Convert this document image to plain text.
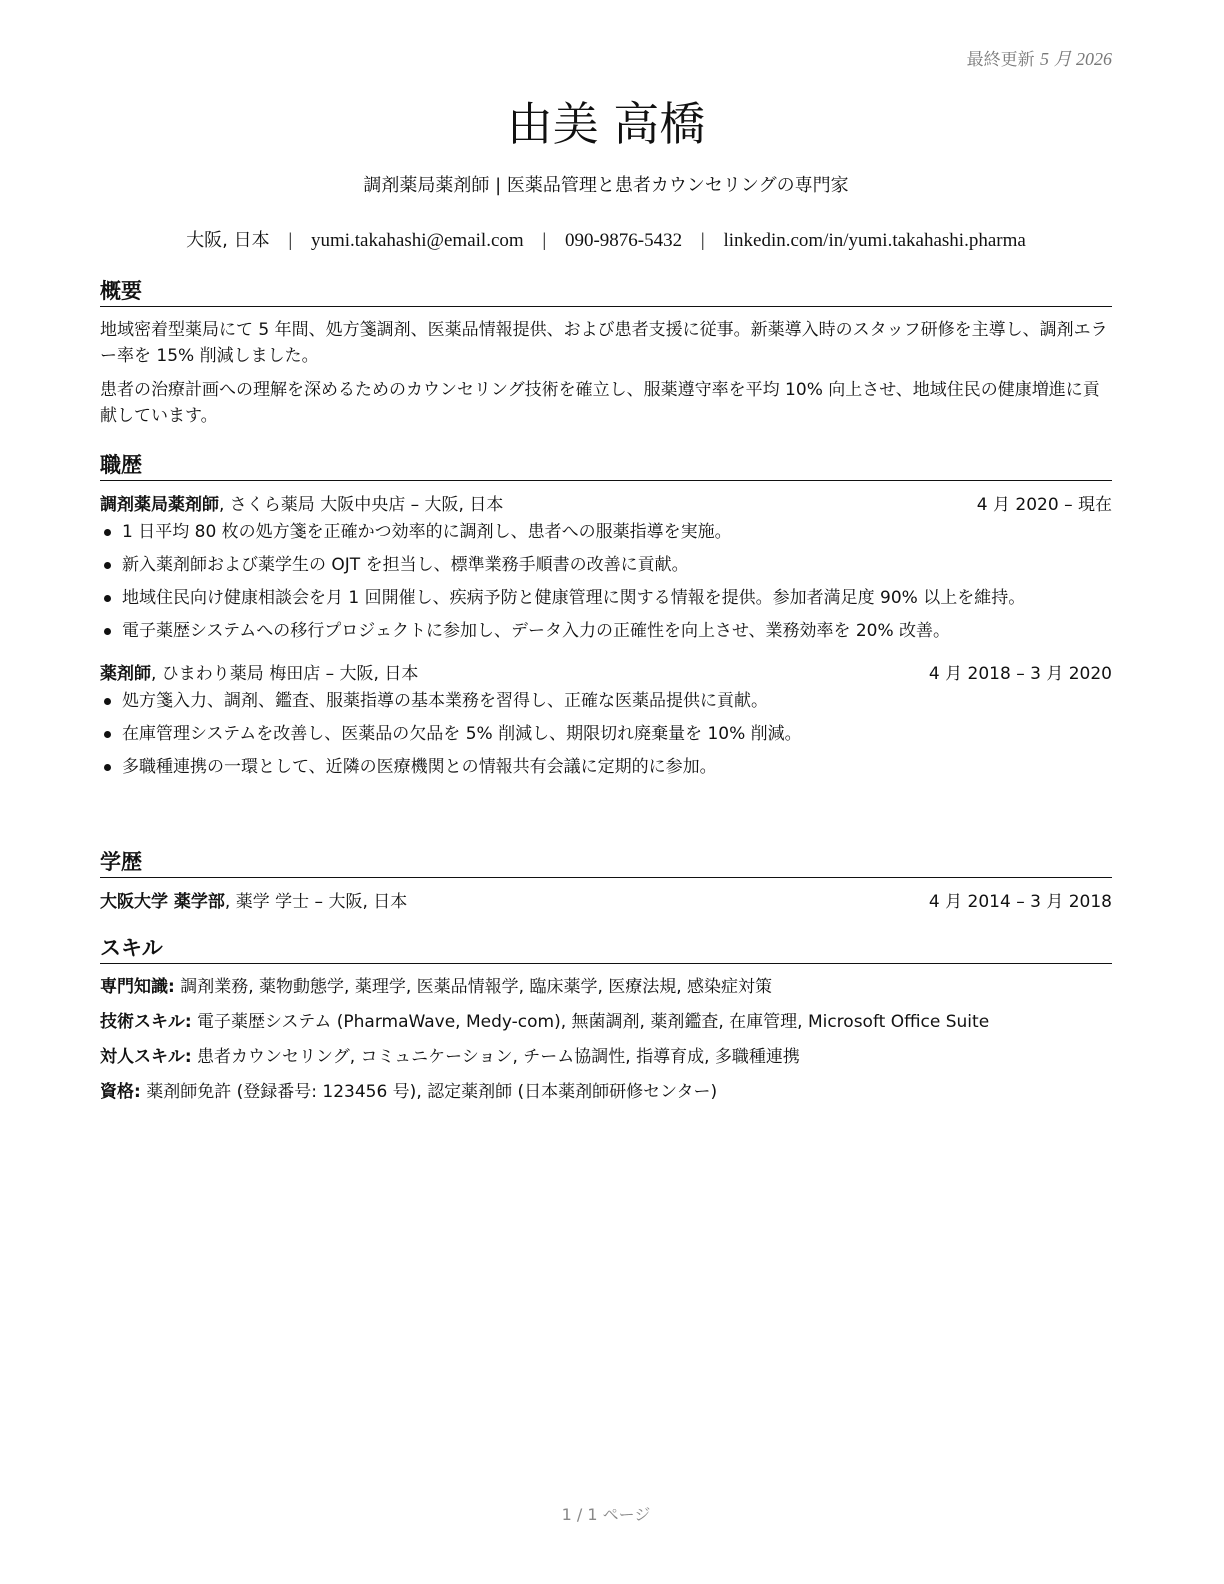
最終更新 5 月 2026
由美 高橋
調剤薬局薬剤師 | 医薬品管理と患者カウンセリングの専門家
大阪, 日本 | yumi.takahashi@email.com | 090-9876-5432 | linkedin.com/in/yumi.takahashi.pharma
概要

地域密着型薬局にて 5 年間、処方箋調剤、医薬品情報提供、および患者支援に従事。新薬導入時のスタッフ研修を主導し、調剤エラー率を 15% 削減しました。

患者の治療計画への理解を深めるためのカウンセリング技術を確立し、服薬遵守率を平均 10% 向上させ、地域住民の健康増進に貢献しています。

職歴
調剤薬局薬剤師, さくら薬局 大阪中央店 – 大阪, 日本	4 月 2020 – 現在
1 日平均 80 枚の処方箋を正確かつ効率的に調剤し、患者への服薬指導を実施。
新入薬剤師および薬学生の OJT を担当し、標準業務手順書の改善に貢献。
地域住民向け健康相談会を月 1 回開催し、疾病予防と健康管理に関する情報を提供。参加者満足度 90% 以上を維持。
電子薬歴システムへの移行プロジェクトに参加し、データ入力の正確性を向上させ、業務効率を 20% 改善。
薬剤師, ひまわり薬局 梅田店 – 大阪, 日本	4 月 2018 – 3 月 2020
処方箋入力、調剤、鑑査、服薬指導の基本業務を習得し、正確な医薬品提供に貢献。
在庫管理システムを改善し、医薬品の欠品を 5% 削減し、期限切れ廃棄量を 10% 削減。
多職種連携の一環として、近隣の医療機関との情報共有会議に定期的に参加。
学歴
大阪大学 薬学部, 薬学 学士 – 大阪, 日本	4 月 2014 – 3 月 2018
スキル
専門知識: 調剤業務, 薬物動態学, 薬理学, 医薬品情報学, 臨床薬学, 医療法規, 感染症対策
技術スキル: 電子薬歴システム (PharmaWave, Medy-com), 無菌調剤, 薬剤鑑査, 在庫管理, Microsoft Office Suite
対人スキル: 患者カウンセリング, コミュニケーション, チーム協調性, 指導育成, 多職種連携
資格: 薬剤師免許 (登録番号: 123456 号), 認定薬剤師 (日本薬剤師研修センター)
1 / 1 ページ
